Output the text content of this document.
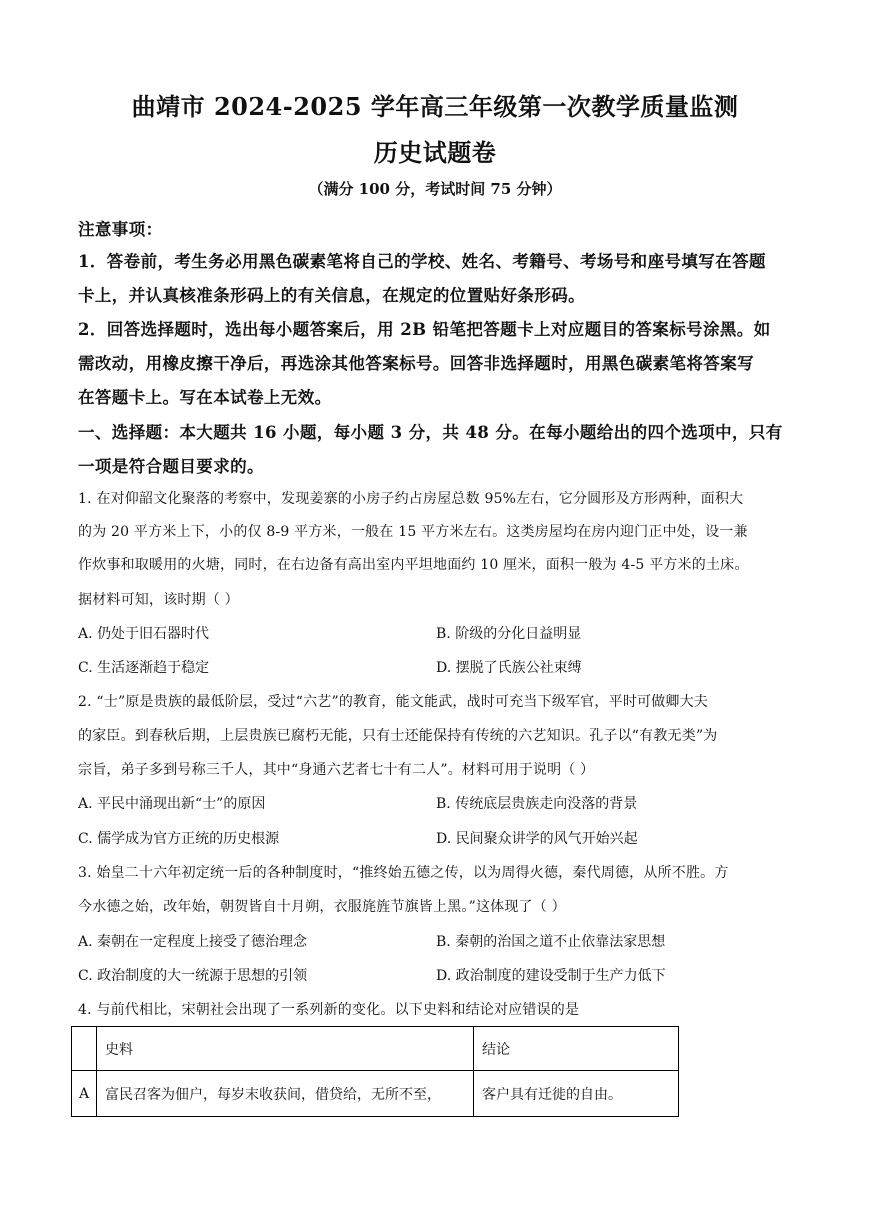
曲靖市 2024-2025 学年高三年级第一次教学质量监测
历史试题卷
（满分 100 分，考试时间 75 分钟）
注意事项：
1．答卷前，考生务必用黑色碳素笔将自己的学校、姓名、考籍号、考场号和座号填写在答题
卡上，并认真核准条形码上的有关信息，在规定的位置贴好条形码。
2．回答选择题时，选出每小题答案后，用 2B 铅笔把答题卡上对应题目的答案标号涂黑。如
需改动，用橡皮擦干净后，再选涂其他答案标号。回答非选择题时，用黑色碳素笔将答案写
在答题卡上。写在本试卷上无效。
一、选择题：本大题共 16 小题，每小题 3 分，共 48 分。在每小题给出的四个选项中，只有
一项是符合题目要求的。
1. 在对仰韶文化聚落的考察中，发现姜寨的小房子约占房屋总数 95%左右，它分圆形及方形两种，面积大
的为 20 平方米上下，小的仅 8-9 平方米，一般在 15 平方米左右。这类房屋均在房内迎门正中处，设一兼
作炊事和取暖用的火塘，同时，在右边备有高出室内平坦地面约 10 厘米，面积一般为 4-5 平方米的土床。
据材料可知，该时期（ ）
A. 仍处于旧石器时代	B. 阶级的分化日益明显
C. 生活逐渐趋于稳定	D. 摆脱了氏族公社束缚
2. “士”原是贵族的最低阶层，受过“六艺”的教育，能文能武，战时可充当下级军官，平时可做卿大夫
的家臣。到春秋后期，上层贵族已腐朽无能，只有士还能保持有传统的六艺知识。孔子以“有教无类”为
宗旨，弟子多到号称三千人，其中“身通六艺者七十有二人”。材料可用于说明（ ）
A. 平民中涌现出新“士”的原因	B. 传统底层贵族走向没落的背景
C. 儒学成为官方正统的历史根源	D. 民间聚众讲学的风气开始兴起
3. 始皇二十六年初定统一后的各种制度时，“推终始五德之传，以为周得火德，秦代周德，从所不胜。方
今水德之始，改年始，朝贺皆自十月朔，衣服旄旌节旗皆上黑。”这体现了（ ）
A. 秦朝在一定程度上接受了德治理念	B. 秦朝的治国之道不止依靠法家思想
C. 政治制度的大一统源于思想的引领	D. 政治制度的建设受制于生产力低下
4. 与前代相比，宋朝社会出现了一系列新的变化。以下史料和结论对应错误的是
	史料	结论
A	富民召客为佃户，每岁末收获间，借贷给，无所不至，	客户具有迁徙的自由。
